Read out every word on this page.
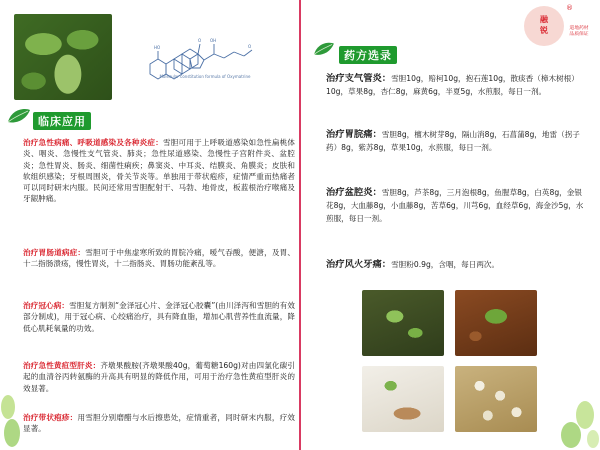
HO
OH
O
O
Molecular constitution formula of Oxymatrine
临床应用
治疗急性病痛、呼吸道感染及各种炎症：雪胆可用于上呼吸道感染如急性扁桃体炎、咽炎、急慢性支气管炎、肺炎；急性尿道感染、急慢性子宫附件炎、盆腔炎；急性胃炎、肠炎、细菌性痢疾；鼻窦炎、中耳炎、结膜炎、角膜炎；皮肤和软组织感染；牙根周围炎，骨关节炎等。单独用于带状疱疹，症情严重而热痛者可以同时研末内服。民间还常用雪胆配射干、马勃、地骨皮，板蓝根治疗喉痛及牙龈肿痛。
治疗胃肠道病症：雪胆可于中焦虚寒所致的胃脘冷痛，嗳气吞酸，便溏，及胃、十二指肠溃疡，慢性胃炎，十二指肠炎、胃肠功能紊乱等。
治疗冠心病：雪胆复方制剂“金泽冠心片、金泽冠心胶囊”(由川泽泻和雪胆的有效部分制成)，用于冠心病、心绞痛治疗，具有降血脂，增加心肌营养性血流量，降低心肌耗氧量的功效。
治疗急性黄疸型肝炎：齐墩果酸胺(齐墩果酸40g，葡萄糖160g)对由四氯化碳引起的血清谷丙转氨酶的升高具有明显的降低作用，可用于治疗急性黄疸型肝炎的效显著。
治疗带状疱疹：用雪胆分别磨醋与水后擦患处，症情重者，同时研末内服，疗效显著。
融
锐
®
道地药材
品质保证
药方选录
治疗支气管炎：雪胆10g，赔柯10g，抱石莲10g，散痰香（樟木树根）10g，草果8g，杏仁8g，麻黄6g，半夏5g，水煎服，每日一剂。
治疗胃脘痛：雪胆8g，檀木树芽8g，隔山消8g，石菖蒲8g，地雷（拐子药）8g，紫苏8g，草果10g，水煎服，每日一剂。
治疗盆腔炎：雪胆8g，芦茶8g，三月泡根8g，鱼腥草8g，白英8g，金银花8g，大血藤8g，小血藤8g，苦草6g，川芎6g，血经草6g，海金沙5g，水煎服，每日一剂。
治疗风火牙痛：雪胆粉0.9g，含咽，每日两次。
